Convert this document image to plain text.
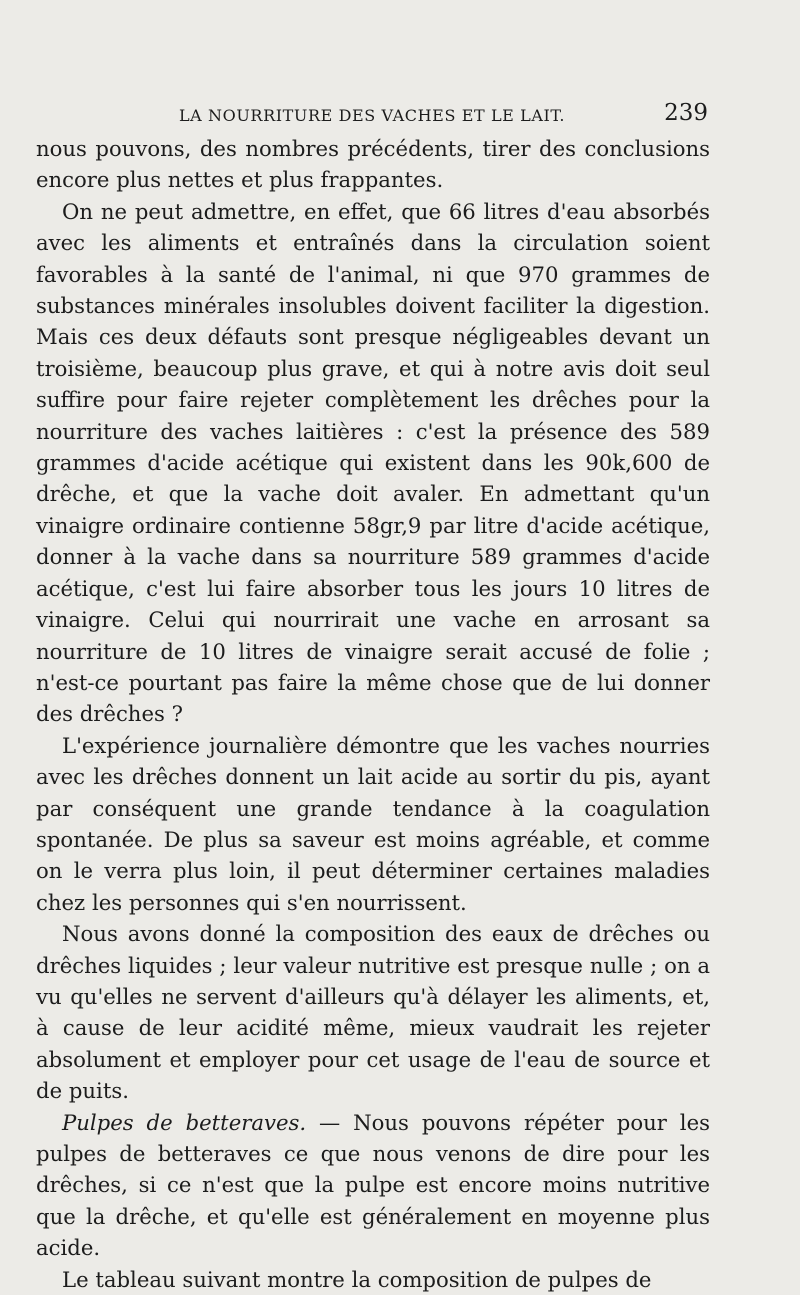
LA NOURRITURE DES VACHES ET LE LAIT.	239

nous pouvons, des nombres précédents, tirer des conclusions encore plus nettes et plus frappantes.

On ne peut admettre, en effet, que 66 litres d'eau absorbés avec les aliments et entraînés dans la circulation soient favorables à la santé de l'animal, ni que 970 grammes de substances minérales insolubles doivent faciliter la digestion. Mais ces deux défauts sont presque négligeables devant un troisième, beaucoup plus grave, et qui à notre avis doit seul suffire pour faire rejeter complètement les drêches pour la nourriture des vaches laitières : c'est la présence des 589 grammes d'acide acétique qui existent dans les 90k,600 de drêche, et que la vache doit avaler. En admettant qu'un vinaigre ordinaire contienne 58gr,9 par litre d'acide acétique, donner à la vache dans sa nourriture 589 grammes d'acide acétique, c'est lui faire absorber tous les jours 10 litres de vinaigre. Celui qui nourrirait une vache en arrosant sa nourriture de 10 litres de vinaigre serait accusé de folie ; n'est-ce pourtant pas faire la même chose que de lui donner des drêches ?

L'expérience journalière démontre que les vaches nourries avec les drêches donnent un lait acide au sortir du pis, ayant par conséquent une grande tendance à la coagulation spontanée. De plus sa saveur est moins agréable, et comme on le verra plus loin, il peut déterminer certaines maladies chez les personnes qui s'en nourrissent.

Nous avons donné la composition des eaux de drêches ou drêches liquides ; leur valeur nutritive est presque nulle ; on a vu qu'elles ne servent d'ailleurs qu'à délayer les aliments, et, à cause de leur acidité même, mieux vaudrait les rejeter absolument et employer pour cet usage de l'eau de source et de puits.

Pulpes de betteraves. — Nous pouvons répéter pour les pulpes de betteraves ce que nous venons de dire pour les drêches, si ce n'est que la pulpe est encore moins nutritive que la drêche, et qu'elle est généralement en moyenne plus acide.

Le tableau suivant montre la composition de pulpes de
